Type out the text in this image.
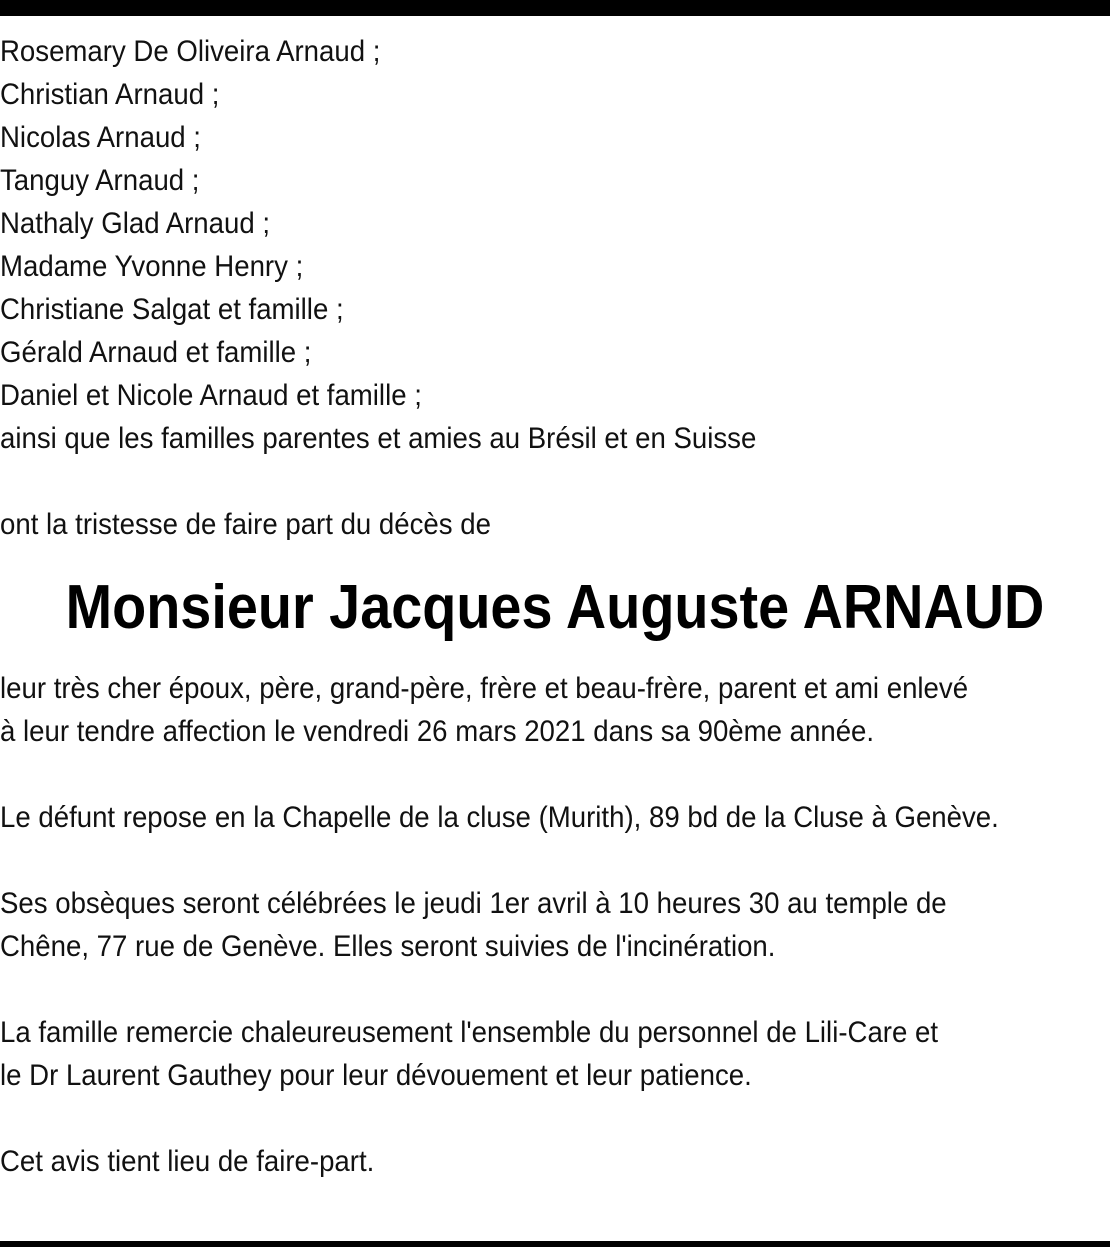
Rosemary De Oliveira Arnaud ;
Christian Arnaud ;
Nicolas Arnaud ;
Tanguy Arnaud ;
Nathaly Glad Arnaud ;
Madame Yvonne Henry ;
Christiane Salgat et famille ;
Gérald Arnaud et famille ;
Daniel et Nicole Arnaud et famille ;
ainsi que les familles parentes et amies au Brésil et en Suisse

ont la tristesse de faire part du décès de

Monsieur Jacques Auguste ARNAUD

leur très cher époux, père, grand-père, frère et beau-frère, parent et ami enlevé
à leur tendre affection le vendredi 26 mars 2021 dans sa 90ème année.

Le défunt repose en la Chapelle de la cluse (Murith), 89 bd de la Cluse à Genève.

Ses obsèques seront célébrées le jeudi 1er avril à 10 heures 30 au temple de
Chêne, 77 rue de Genève. Elles seront suivies de l'incinération.

La famille remercie chaleureusement l'ensemble du personnel de Lili-Care et
le Dr Laurent Gauthey pour leur dévouement et leur patience.

Cet avis tient lieu de faire-part.
